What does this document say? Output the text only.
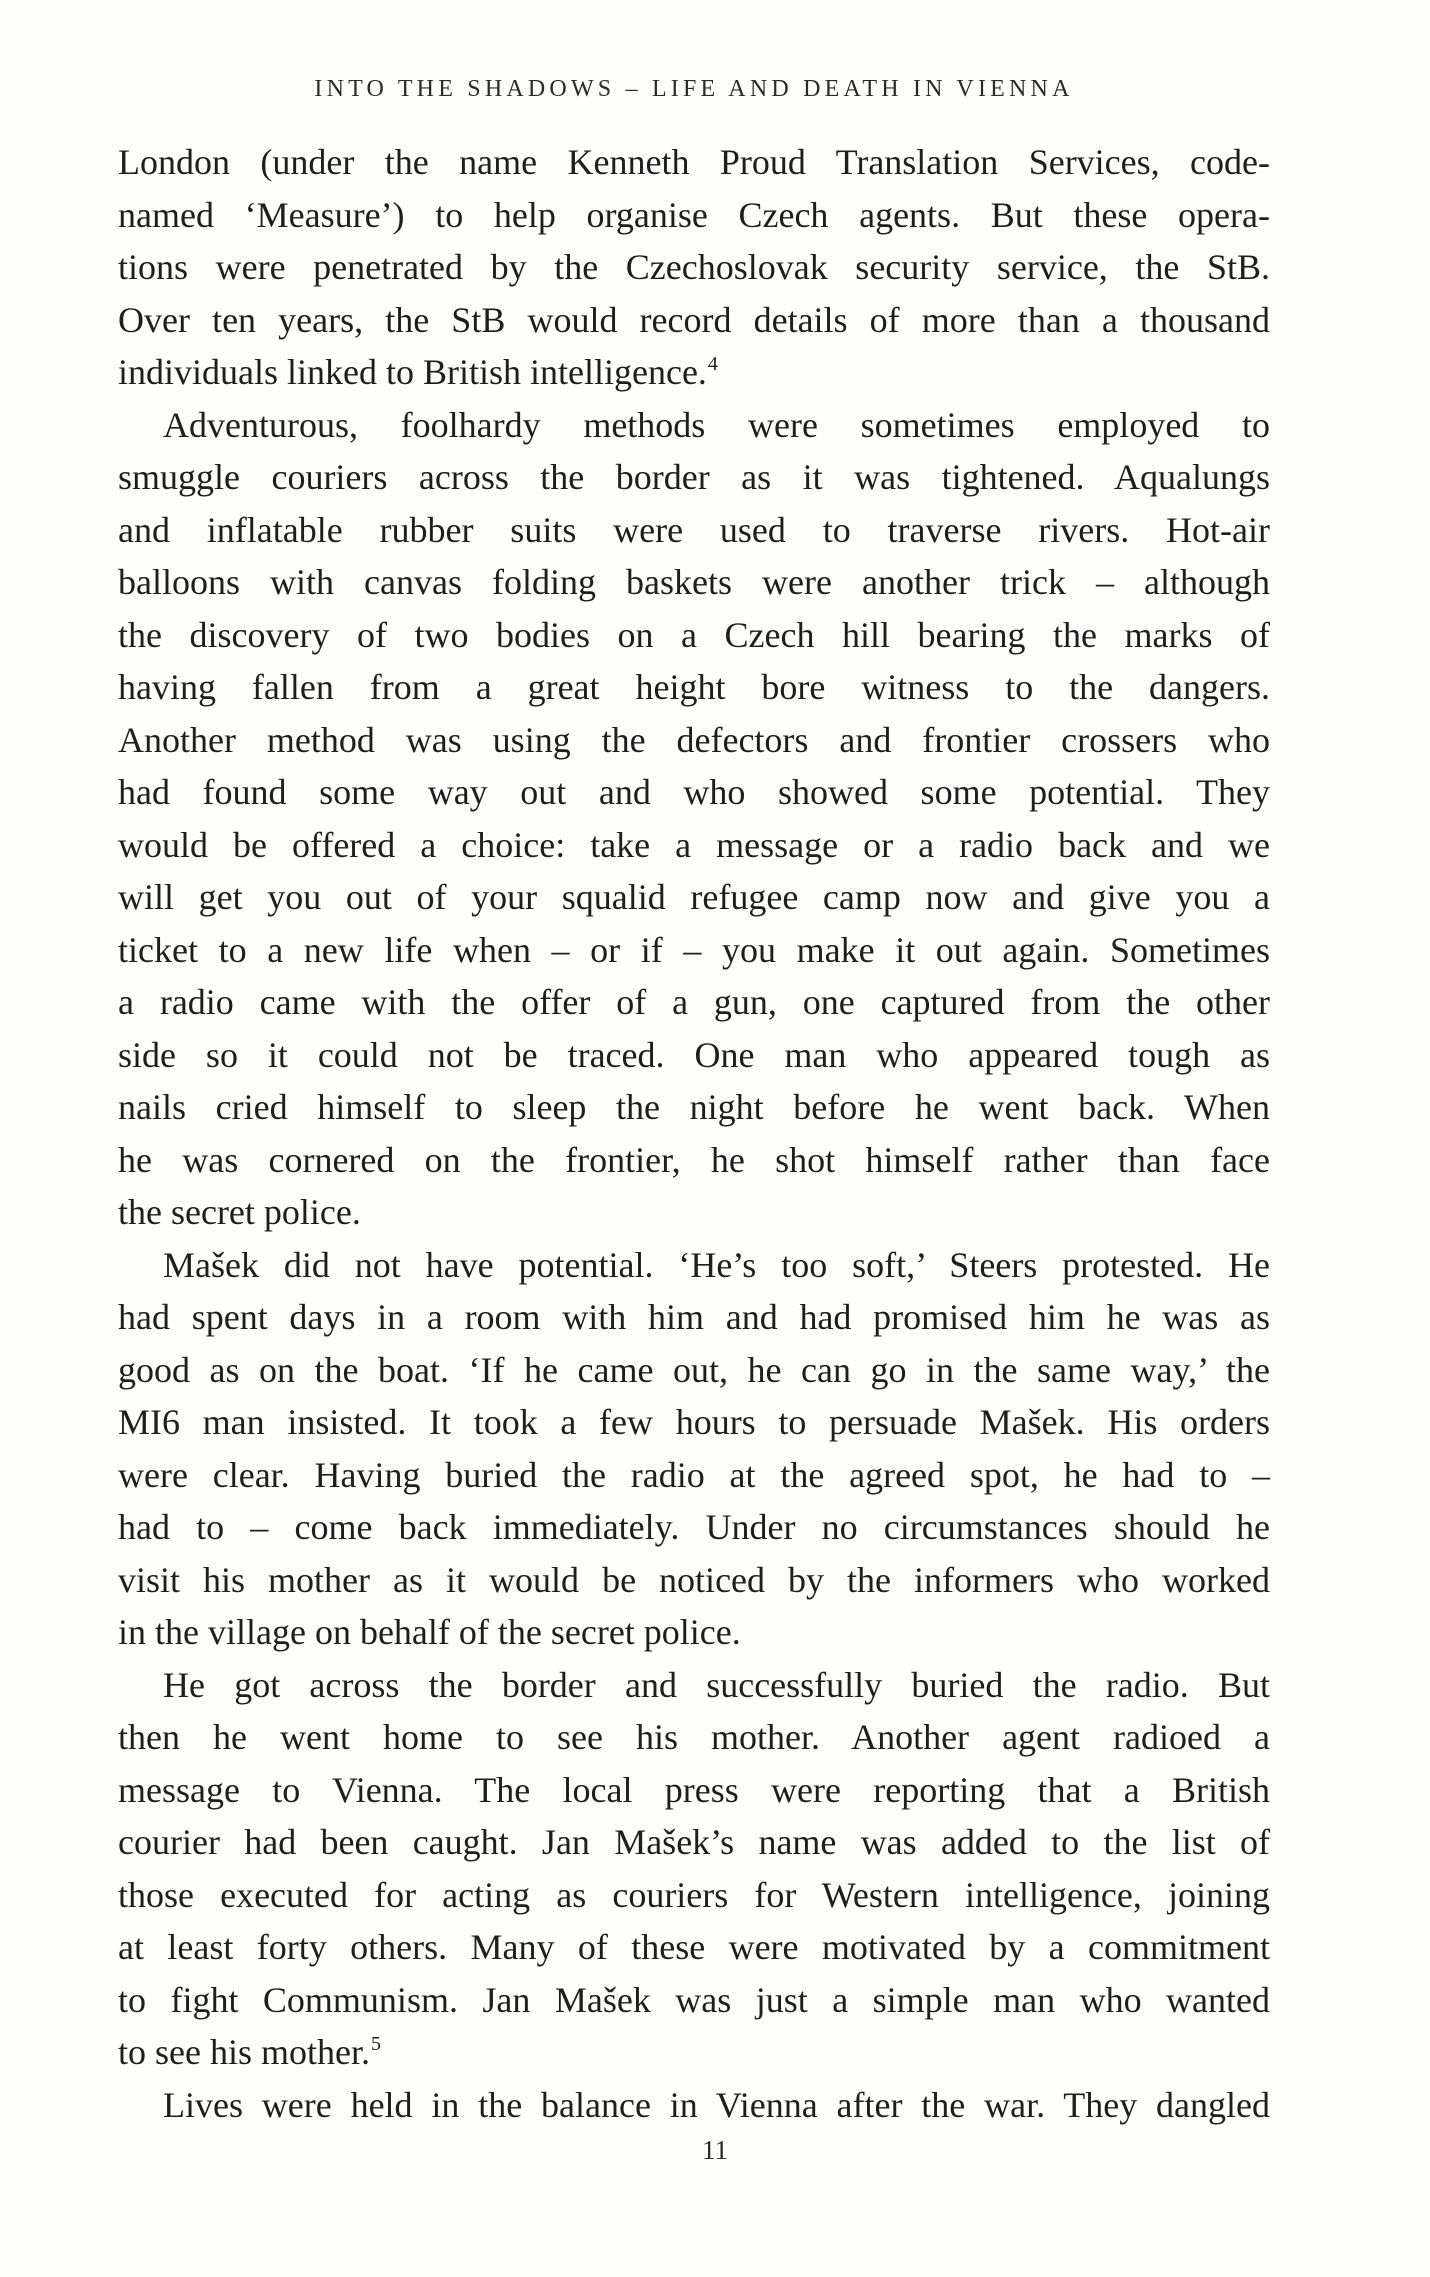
INTO THE SHADOWS – LIFE AND DEATH IN VIENNA
London (under the name Kenneth Proud Translation Services, code-
named ‘Measure’) to help organise Czech agents. But these opera-
tions were penetrated by the Czechoslovak security service, the StB.
Over ten years, the StB would record details of more than a thousand
individuals linked to British intelligence.$^4$
Adventurous, foolhardy methods were sometimes employed to
smuggle couriers across the border as it was tightened. Aqualungs
and inflatable rubber suits were used to traverse rivers. Hot-air
balloons with canvas folding baskets were another trick – although
the discovery of two bodies on a Czech hill bearing the marks of
having fallen from a great height bore witness to the dangers.
Another method was using the defectors and frontier crossers who
had found some way out and who showed some potential. They
would be offered a choice: take a message or a radio back and we
will get you out of your squalid refugee camp now and give you a
ticket to a new life when – or if – you make it out again. Sometimes
a radio came with the offer of a gun, one captured from the other
side so it could not be traced. One man who appeared tough as
nails cried himself to sleep the night before he went back. When
he was cornered on the frontier, he shot himself rather than face
the secret police.
Mašek did not have potential. ‘He’s too soft,’ Steers protested. He
had spent days in a room with him and had promised him he was as
good as on the boat. ‘If he came out, he can go in the same way,’ the
MI6 man insisted. It took a few hours to persuade Mašek. His orders
were clear. Having buried the radio at the agreed spot, he had to –
had to – come back immediately. Under no circumstances should he
visit his mother as it would be noticed by the informers who worked
in the village on behalf of the secret police.
He got across the border and successfully buried the radio. But
then he went home to see his mother. Another agent radioed a
message to Vienna. The local press were reporting that a British
courier had been caught. Jan Mašek’s name was added to the list of
those executed for acting as couriers for Western intelligence, joining
at least forty others. Many of these were motivated by a commitment
to fight Communism. Jan Mašek was just a simple man who wanted
to see his mother.$^5$
Lives were held in the balance in Vienna after the war. They dangled
11
